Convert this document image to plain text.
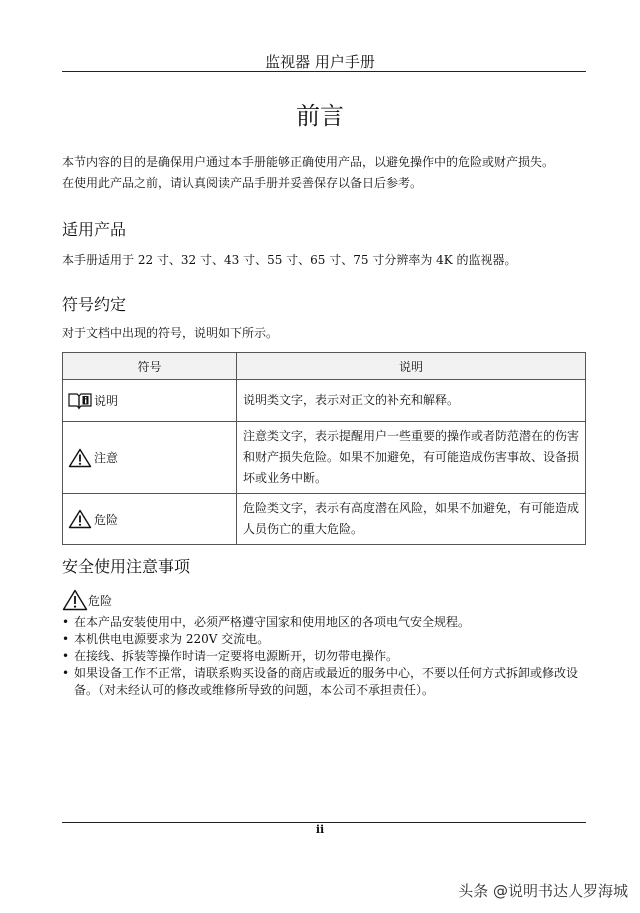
监视器 用户手册
前言
本节内容的目的是确保用户通过本手册能够正确使用产品，以避免操作中的危险或财产损失。
在使用此产品之前，请认真阅读产品手册并妥善保存以备日后参考。
适用产品
本手册适用于 22 寸、32 寸、43 寸、55 寸、65 寸、75 寸分辨率为 4K 的监视器。
符号约定
对于文档中出现的符号，说明如下所示。
符号	说明

说明	说明类文字，表示对正文的补充和解释。

注意	注意类文字，表示提醒用户一些重要的操作或者防范潜在的伤害和财产损失危险。如果不加避免，有可能造成伤害事故、设备损坏或业务中断。

危险	危险类文字，表示有高度潜在风险，如果不加避免，有可能造成人员伤亡的重大危险。
安全使用注意事项
危险
• 在本产品安装使用中，必须严格遵守国家和使用地区的各项电气安全规程。
• 本机供电电源要求为 220V 交流电。
• 在接线、拆装等操作时请一定要将电源断开，切勿带电操作。
• 如果设备工作不正常，请联系购买设备的商店或最近的服务中心，不要以任何方式拆卸或修改设备。（对未经认可的修改或维修所导致的问题，本公司不承担责任）。
ii
头条 @说明书达人罗海城
